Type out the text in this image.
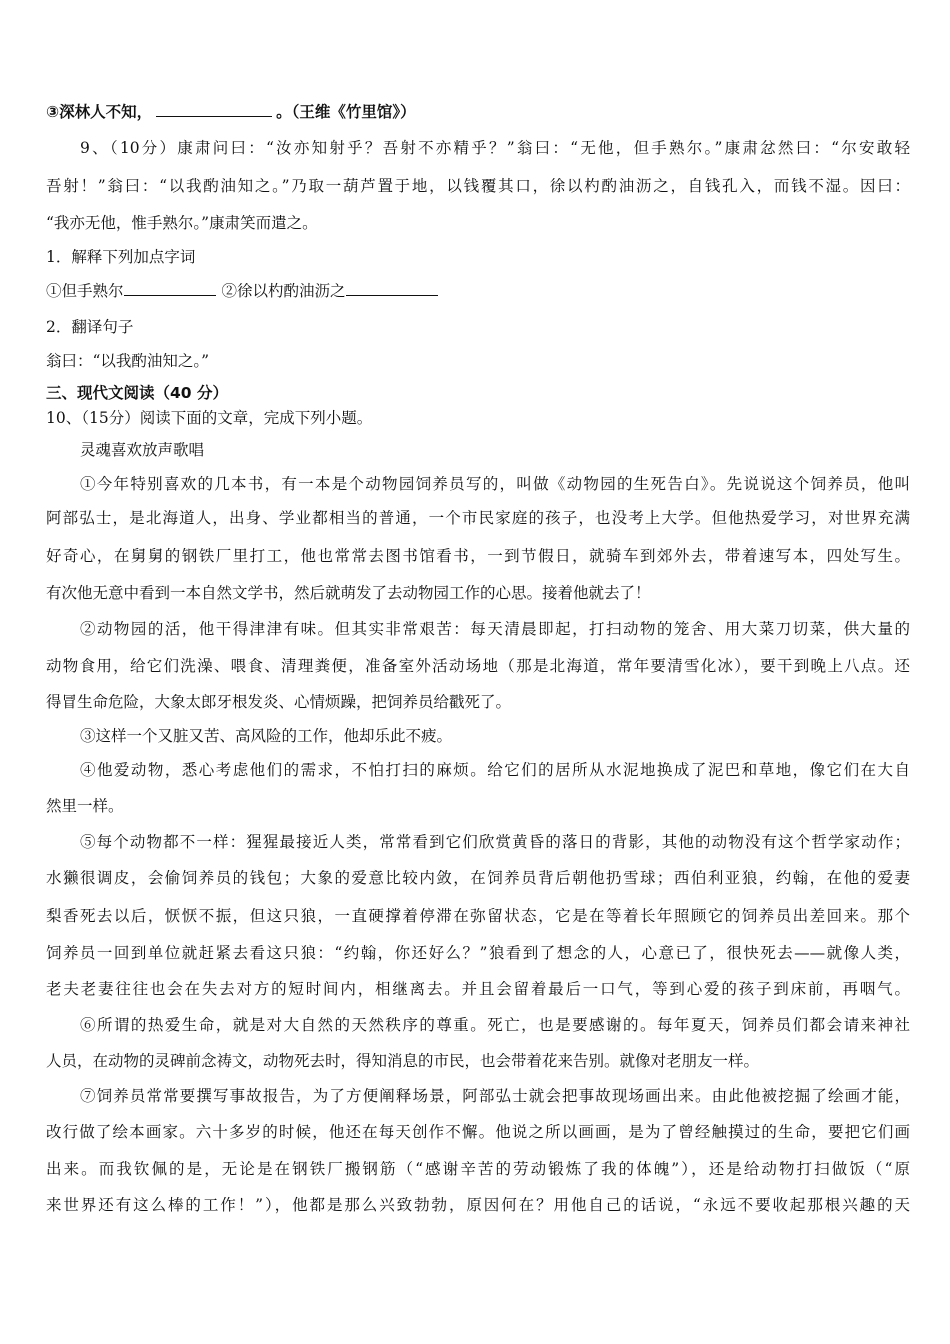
③深林人不知，	。（王维《竹里馆》）
9、（10分）康肃问曰：“汝亦知射乎？吾射不亦精乎？”翁曰：“无他，但手熟尔。”康肃忿然曰：“尔安敢轻
吾射！”翁曰：“以我酌油知之。”乃取一葫芦置于地，以钱覆其口，徐以杓酌油沥之，自钱孔入，而钱不湿。因曰：
“我亦无他，惟手熟尔。”康肃笑而遣之。
1．解释下列加点字词
①但手熟尔	②徐以杓酌油沥之
2．翻译句子
翁曰：“以我酌油知之。”
三、现代文阅读（40 分）
10、（15分）阅读下面的文章，完成下列小题。
灵魂喜欢放声歌唱
①今年特别喜欢的几本书，有一本是个动物园饲养员写的，叫做《动物园的生死告白》。先说说这个饲养员，他叫
阿部弘士，是北海道人，出身、学业都相当的普通，一个市民家庭的孩子，也没考上大学。但他热爱学习，对世界充满
好奇心，在舅舅的钢铁厂里打工，他也常常去图书馆看书，一到节假日，就骑车到郊外去，带着速写本，四处写生。
有次他无意中看到一本自然文学书，然后就萌发了去动物园工作的心思。接着他就去了！
②动物园的活，他干得津津有味。但其实非常艰苦：每天清晨即起，打扫动物的笼舍、用大菜刀切菜，供大量的
动物食用，给它们洗澡、喂食、清理粪便，准备室外活动场地（那是北海道，常年要清雪化冰），要干到晚上八点。还
得冒生命危险，大象太郎牙根发炎、心情烦躁，把饲养员给戳死了。
③这样一个又脏又苦、高风险的工作，他却乐此不疲。
④他爱动物，悉心考虑他们的需求，不怕打扫的麻烦。给它们的居所从水泥地换成了泥巴和草地，像它们在大自
然里一样。
⑤每个动物都不一样：猩猩最接近人类，常常看到它们欣赏黄昏的落日的背影，其他的动物没有这个哲学家动作；
水獭很调皮，会偷饲养员的钱包；大象的爱意比较内敛，在饲养员背后朝他扔雪球；西伯利亚狼，约翰，在他的爱妻
梨香死去以后，恹恹不振，但这只狼，一直硬撑着停滞在弥留状态，它是在等着长年照顾它的饲养员出差回来。那个
饲养员一回到单位就赶紧去看这只狼：“约翰，你还好么？”狼看到了想念的人，心意已了，很快死去——就像人类，
老夫老妻往往也会在失去对方的短时间内，相继离去。并且会留着最后一口气，等到心爱的孩子到床前，再咽气。
⑥所谓的热爱生命，就是对大自然的天然秩序的尊重。死亡，也是要感谢的。每年夏天，饲养员们都会请来神社
人员，在动物的灵碑前念祷文，动物死去时，得知消息的市民，也会带着花来告别。就像对老朋友一样。
⑦饲养员常常要撰写事故报告，为了方便阐释场景，阿部弘士就会把事故现场画出来。由此他被挖掘了绘画才能，
改行做了绘本画家。六十多岁的时候，他还在每天创作不懈。他说之所以画画，是为了曾经触摸过的生命，要把它们画
出来。而我钦佩的是，无论是在钢铁厂搬钢筋（“感谢辛苦的劳动锻炼了我的体魄”），还是给动物打扫做饭（“原
来世界还有这么棒的工作！”），他都是那么兴致勃勃，原因何在？用他自己的话说，“永远不要收起那根兴趣的天
